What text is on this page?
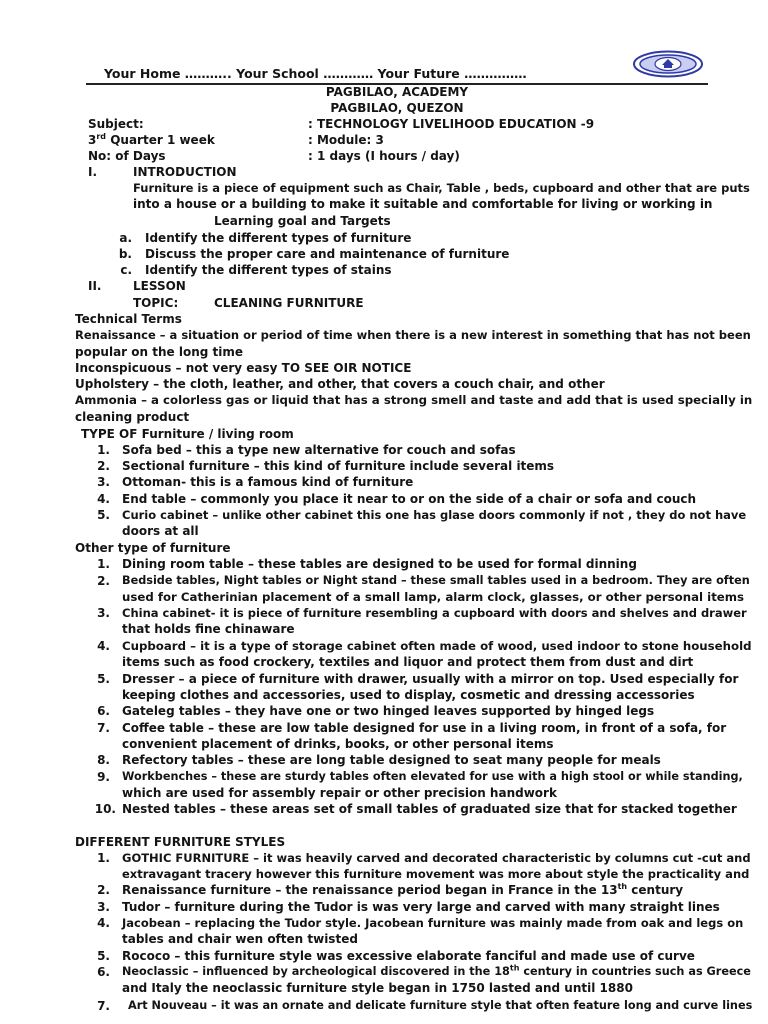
Your Home ……….. Your School ………… Your Future ……………
PAGBILAO, ACADEMY
PAGBILAO, QUEZON
Subject:	: TECHNOLOGY LIVELIHOOD EDUCATION -9
3rd Quarter 1 week	: Module: 3
No: of Days	: 1 days (I hours / day)
I.	INTRODUCTION
Furniture is a piece of equipment such as Chair, Table , beds, cupboard and other that are puts
into a house or a building to make it suitable and comfortable for living or working in
Learning goal and Targets
a. Identify the different types of furniture
b. Discuss the proper care and maintenance of furniture
c. Identify the different types of stains
II.	LESSON
TOPIC:	CLEANING FURNITURE
Technical Terms
Renaissance – a situation or period of time when there is a new interest in something that has not been
popular on the long time
Inconspicuous – not very easy TO SEE OIR NOTICE
Upholstery – the cloth, leather, and other, that covers a couch chair, and other
Ammonia – a colorless gas or liquid that has a strong smell and taste and add that is used specially in
cleaning product
TYPE OF Furniture / living room
1. Sofa bed – this a type new alternative for couch and sofas
2. Sectional furniture – this kind of furniture include several items
3. Ottoman- this is a famous kind of furniture
4. End table – commonly you place it near to or on the side of a chair or sofa and couch
5. Curio cabinet – unlike other cabinet this one has glase doors commonly if not , they do not have
doors at all
Other type of furniture
1. Dining room table – these tables are designed to be used for formal dinning
2. Bedside tables, Night tables or Night stand – these small tables used in a bedroom. They are often
used for Catherinian placement of a small lamp, alarm clock, glasses, or other personal items
3. China cabinet- it is piece of furniture resembling a cupboard with doors and shelves and drawer
that holds fine chinaware
4. Cupboard – it is a type of storage cabinet often made of wood, used indoor to stone household
items such as food crockery, textiles and liquor and protect them from dust and dirt
5. Dresser – a piece of furniture with drawer, usually with a mirror on top. Used especially for
keeping clothes and accessories, used to display, cosmetic and dressing accessories
6. Gateleg tables – they have one or two hinged leaves supported by hinged legs
7. Coffee table – these are low table designed for use in a living room, in front of a sofa, for
convenient placement of drinks, books, or other personal items
8. Refectory tables – these are long table designed to seat many people for meals
9. Workbenches – these are sturdy tables often elevated for use with a high stool or while standing,
which are used for assembly repair or other precision handwork
10. Nested tables – these areas set of small tables of graduated size that for stacked together
DIFFERENT FURNITURE STYLES
1. GOTHIC FURNITURE – it was heavily carved and decorated characteristic by columns cut -cut and
extravagant tracery however this furniture movement was more about style the practicality and
2. Renaissance furniture – the renaissance period began in France in the 13th century
3. Tudor – furniture during the Tudor is was very large and carved with many straight lines
4. Jacobean – replacing the Tudor style. Jacobean furniture was mainly made from oak and legs on
tables and chair wen often twisted
5. Rococo – this furniture style was excessive elaborate fanciful and made use of curve
6. Neoclassic – influenced by archeological discovered in the 18th century in countries such as Greece
and Italy the neoclassic furniture style began in 1750 lasted and until 1880
7. Art Nouveau – it was an ornate and delicate furniture style that often feature long and curve lines
